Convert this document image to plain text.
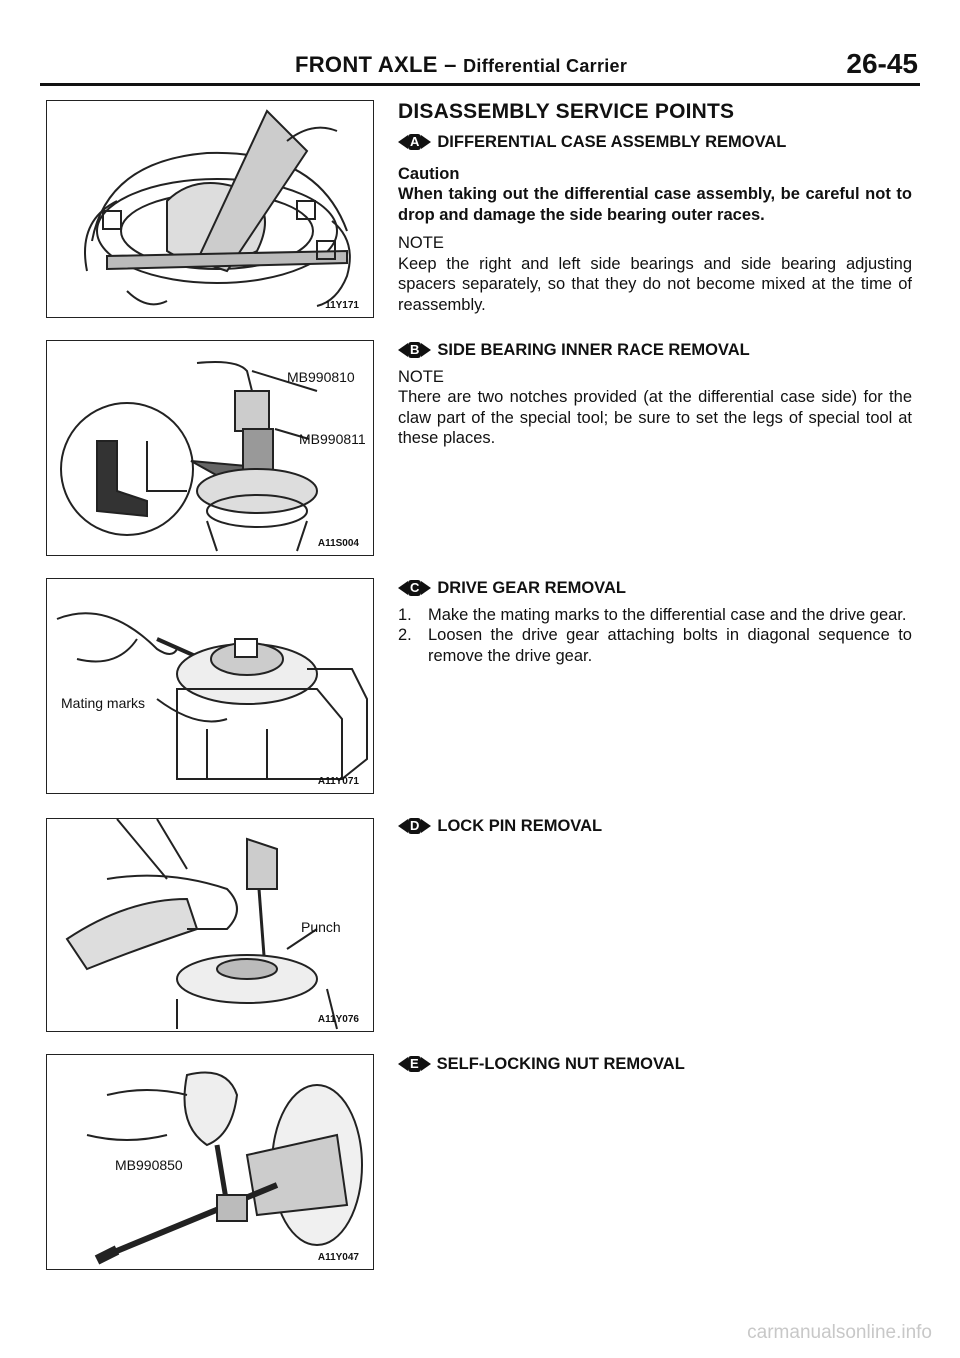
FRONT AXLE – Differential Carrier	26-45
11Y171
MB990810
MB990811
A11S004
Mating marks
A11Y071
Punch
A11Y076
MB990850
A11Y047
DISASSEMBLY SERVICE POINTS
A DIFFERENTIAL CASE ASSEMBLY REMOVAL
Caution
When taking out the differential case assembly, be careful not to drop and damage the side bearing outer races.
NOTE
Keep the right and left side bearings and side bearing adjusting spacers separately, so that they do not become mixed at the time of reassembly.
B SIDE BEARING INNER RACE REMOVAL
NOTE
There are two notches provided (at the differential case side) for the claw part of the special tool; be sure to set the legs of special tool at these places.
C DRIVE GEAR REMOVAL
1. Make the mating marks to the differential case and the drive gear.
2. Loosen the drive gear attaching bolts in diagonal sequence to remove the drive gear.
D LOCK PIN REMOVAL
E SELF-LOCKING NUT REMOVAL
carmanualsonline.info
